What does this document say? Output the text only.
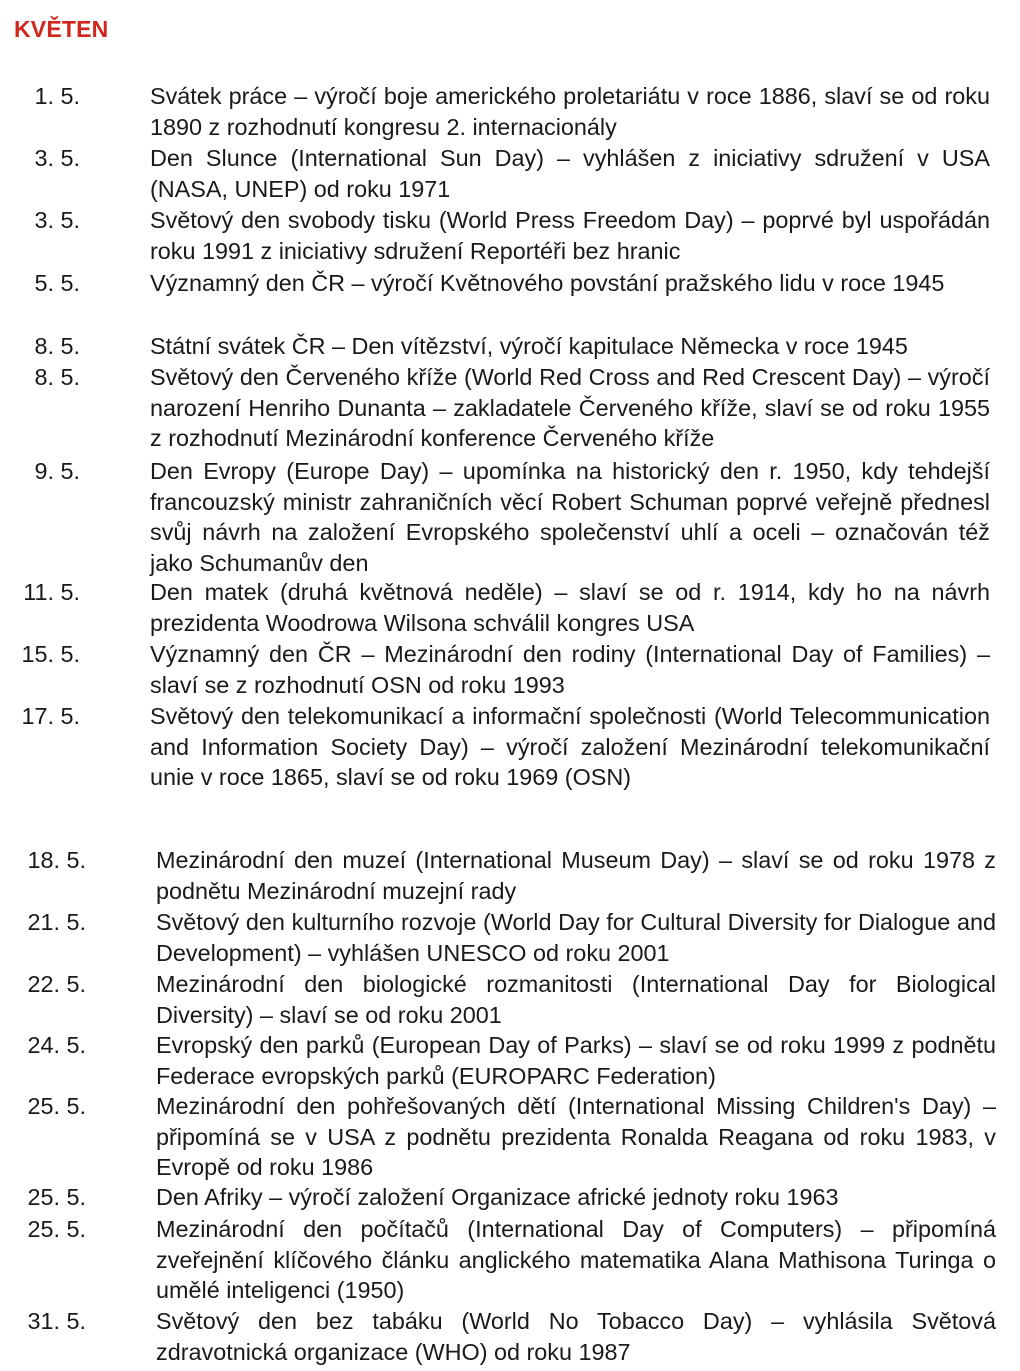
KVĚTEN
1. 5.	Svátek práce – výročí boje amerického proletariátu v roce 1886, slaví se od roku 1890 z rozhodnutí kongresu 2. internacionály
3. 5.	Den Slunce (International Sun Day) – vyhlášen z iniciativy sdružení v USA (NASA, UNEP) od roku 1971
3. 5.	Světový den svobody tisku (World Press Freedom Day) – poprvé byl uspořádán roku 1991 z iniciativy sdružení Reportéři bez hranic
5. 5.	Významný den ČR – výročí Květnového povstání pražského lidu v roce 1945
8. 5.	Státní svátek ČR – Den vítězství, výročí kapitulace Německa v roce 1945
8. 5.	Světový den Červeného kříže (World Red Cross and Red Crescent Day) – výročí narození Henriho Dunanta – zakladatele Červeného kříže, slaví se od roku 1955 z rozhodnutí Mezinárodní konference Červeného kříže
9. 5.	Den Evropy (Europe Day) – upomínka na historický den r. 1950, kdy tehdejší francouzský ministr zahraničních věcí Robert Schuman poprvé veřejně přednesl svůj návrh na založení Evropského společenství uhlí a oceli – označován též jako Schumanův den
11. 5.	Den matek (druhá květnová neděle) – slaví se od r. 1914, kdy ho na návrh prezidenta Woodrowa Wilsona schválil kongres USA
15. 5.	Významný den ČR – Mezinárodní den rodiny (International Day of Families) – slaví se z rozhodnutí OSN od roku 1993
17. 5.	Světový den telekomunikací a informační společnosti (World Telecommunication and Information Society Day) – výročí založení Mezinárodní telekomunikační unie v roce 1865, slaví se od roku 1969 (OSN)
18. 5.	Mezinárodní den muzeí (International Museum Day) – slaví se od roku 1978 z podnětu Mezinárodní muzejní rady
21. 5.	Světový den kulturního rozvoje (World Day for Cultural Diversity for Dialogue and Development) – vyhlášen UNESCO od roku 2001
22. 5.	Mezinárodní den biologické rozmanitosti (International Day for Biological Diversity) – slaví se od roku 2001
24. 5.	Evropský den parků (European Day of Parks) – slaví se od roku 1999 z podnětu Federace evropských parků (EUROPARC Federation)
25. 5.	Mezinárodní den pohřešovaných dětí (International Missing Children's Day) – připomíná se v USA z podnětu prezidenta Ronalda Reagana od roku 1983, v Evropě od roku 1986
25. 5.	Den Afriky – výročí založení Organizace africké jednoty roku 1963
25. 5.	Mezinárodní den počítačů (International Day of Computers) – připomíná zveřejnění klíčového článku anglického matematika Alana Mathisona Turinga o umělé inteligenci (1950)
31. 5.	Světový den bez tabáku (World No Tobacco Day) – vyhlásila Světová zdravotnická organizace (WHO) od roku 1987
